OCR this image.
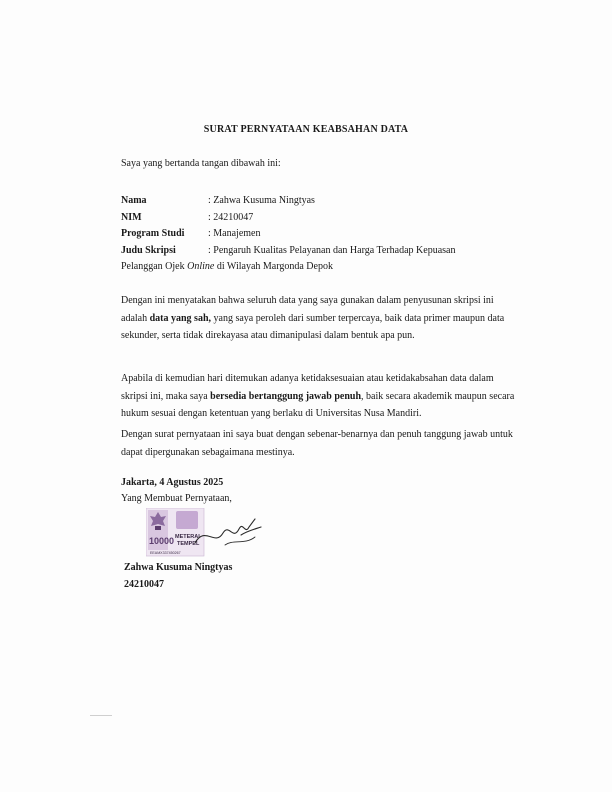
SURAT PERNYATAAN KEABSAHAN DATA
Saya yang bertanda tangan dibawah ini:
Nama	: Zahwa Kusuma Ningtyas
NIM	: 24210047
Program Studi	: Manajemen
Judu Skripsi	: Pengaruh Kualitas Pelayanan dan Harga Terhadap Kepuasan
Pelanggan Ojek Online di Wilayah Margonda Depok
Dengan ini menyatakan bahwa seluruh data yang saya gunakan dalam penyusunan skripsi ini
adalah data yang sah, yang saya peroleh dari sumber terpercaya, baik data primer maupun data
sekunder, serta tidak direkayasa atau dimanipulasi dalam bentuk apa pun.
Apabila di kemudian hari ditemukan adanya ketidaksesuaian atau ketidakabsahan data dalam
skripsi ini, maka saya bersedia bertanggung jawab penuh, baik secara akademik maupun secara
hukum sesuai dengan ketentuan yang berlaku di Universitas Nusa Mandiri.
Dengan surat pernyataan ini saya buat dengan sebenar-benarnya dan penuh tanggung jawab untuk
dapat dipergunakan sebagaimana mestinya.
Jakarta, 4 Agustus 2025
Yang Membuat Pernyataan,
10000 METERAI
TEMPEL
EEAMX337450267
Zahwa Kusuma Ningtyas
24210047
